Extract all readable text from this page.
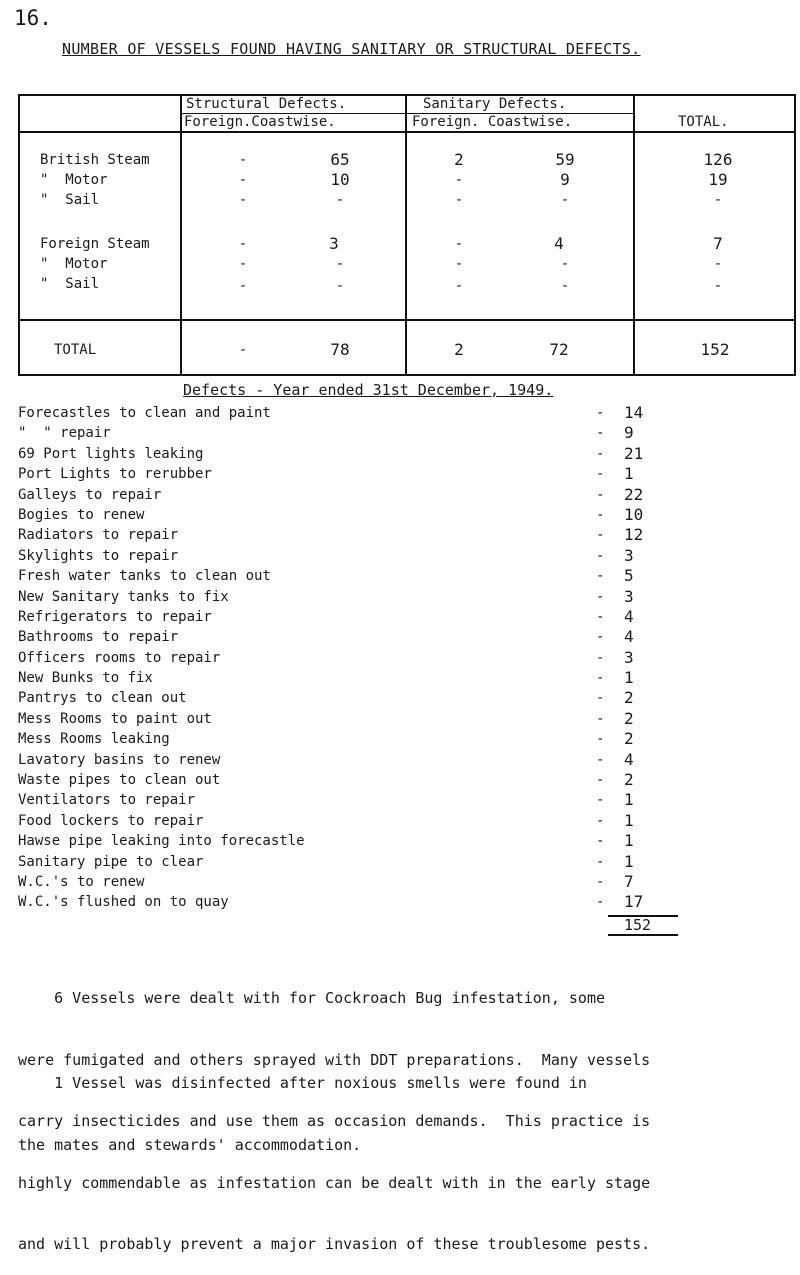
16.
NUMBER OF VESSELS FOUND HAVING SANITARY OR STRUCTURAL DEFECTS.
Structural Defects.	Sanitary Defects.
Foreign.Coastwise.	Foreign. Coastwise.	TOTAL.
British Steam	-	65	2	59	126
"  Motor	-	10	-	9	19
"  Sail	-	-	-	-	-
Foreign Steam	-	3	-	4	7
"  Motor	-	-	-	-	-
"  Sail	-	-	-	-	-
TOTAL	-	78	2	72	152
Defects - Year ended 31st December, 1949.
Forecastles to clean and paint	- 14
"  " repair	- 9
69 Port lights leaking	- 21
Port Lights to rerubber	- 1
Galleys to repair	- 22
Bogies to renew	- 10
Radiators to repair	- 12
Skylights to repair	- 3
Fresh water tanks to clean out	- 5
New Sanitary tanks to fix	- 3
Refrigerators to repair	- 4
Bathrooms to repair	- 4
Officers rooms to repair	- 3
New Bunks to fix	- 1
Pantrys to clean out	- 2
Mess Rooms to paint out	- 2
Mess Rooms leaking	- 2
Lavatory basins to renew	- 4
Waste pipes to clean out	- 2
Ventilators to repair	- 1
Food lockers to repair	- 1
Hawse pipe leaking into forecastle	- 1
Sanitary pipe to clear	- 1
W.C.'s to renew	- 7
W.C.'s flushed on to quay	- 17
152

6 Vessels were dealt with for Cockroach Bug infestation, some

were fumigated and others sprayed with DDT preparations.  Many vessels

carry insecticides and use them as occasion demands.  This practice is

highly commendable as infestation can be dealt with in the early stage

and will probably prevent a major invasion of these troublesome pests.

1 Vessel was disinfected after noxious smells were found in

the mates and stewards' accommodation.
